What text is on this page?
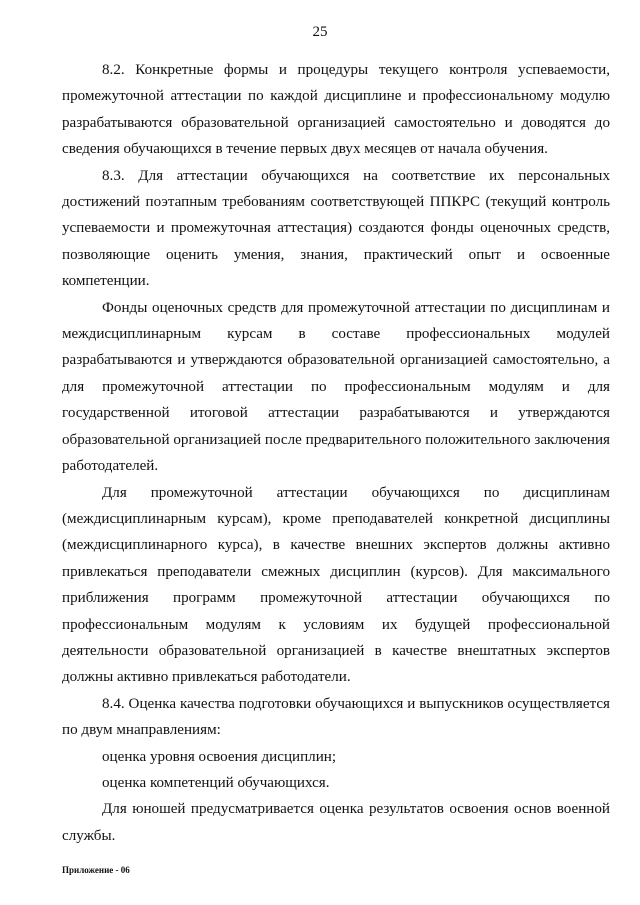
25

8.2. Конкретные формы и процедуры текущего контроля успеваемости, промежуточной аттестации по каждой дисциплине и профессиональному модулю разрабатываются образовательной организацией самостоятельно и доводятся до сведения обучающихся в течение первых двух месяцев от начала обучения.

8.3. Для аттестации обучающихся на соответствие их персональных достижений поэтапным требованиям соответствующей ППКРС (текущий контроль успеваемости и промежуточная аттестация) создаются фонды оценочных средств, позволяющие оценить умения, знания, практический опыт и освоенные компетенции.

Фонды оценочных средств для промежуточной аттестации по дисциплинам и междисциплинарным курсам в составе профессиональных модулей разрабатываются и утверждаются образовательной организацией самостоятельно, а для промежуточной аттестации по профессиональным модулям и для государственной итоговой аттестации разрабатываются и утверждаются образовательной организацией после предварительного положительного заключения работодателей.

Для промежуточной аттестации обучающихся по дисциплинам (междисциплинарным курсам), кроме преподавателей конкретной дисциплины (междисциплинарного курса), в качестве внешних экспертов должны активно привлекаться преподаватели смежных дисциплин (курсов). Для максимального приближения программ промежуточной аттестации обучающихся по профессиональным модулям к условиям их будущей профессиональной деятельности образовательной организацией в качестве внештатных экспертов должны активно привлекаться работодатели.

8.4. Оценка качества подготовки обучающихся и выпускников осуществляется по двум мнаправлениям:

оценка уровня освоения дисциплин;

оценка компетенций обучающихся.

Для юношей предусматривается оценка результатов освоения основ военной службы.

Приложение - 06
